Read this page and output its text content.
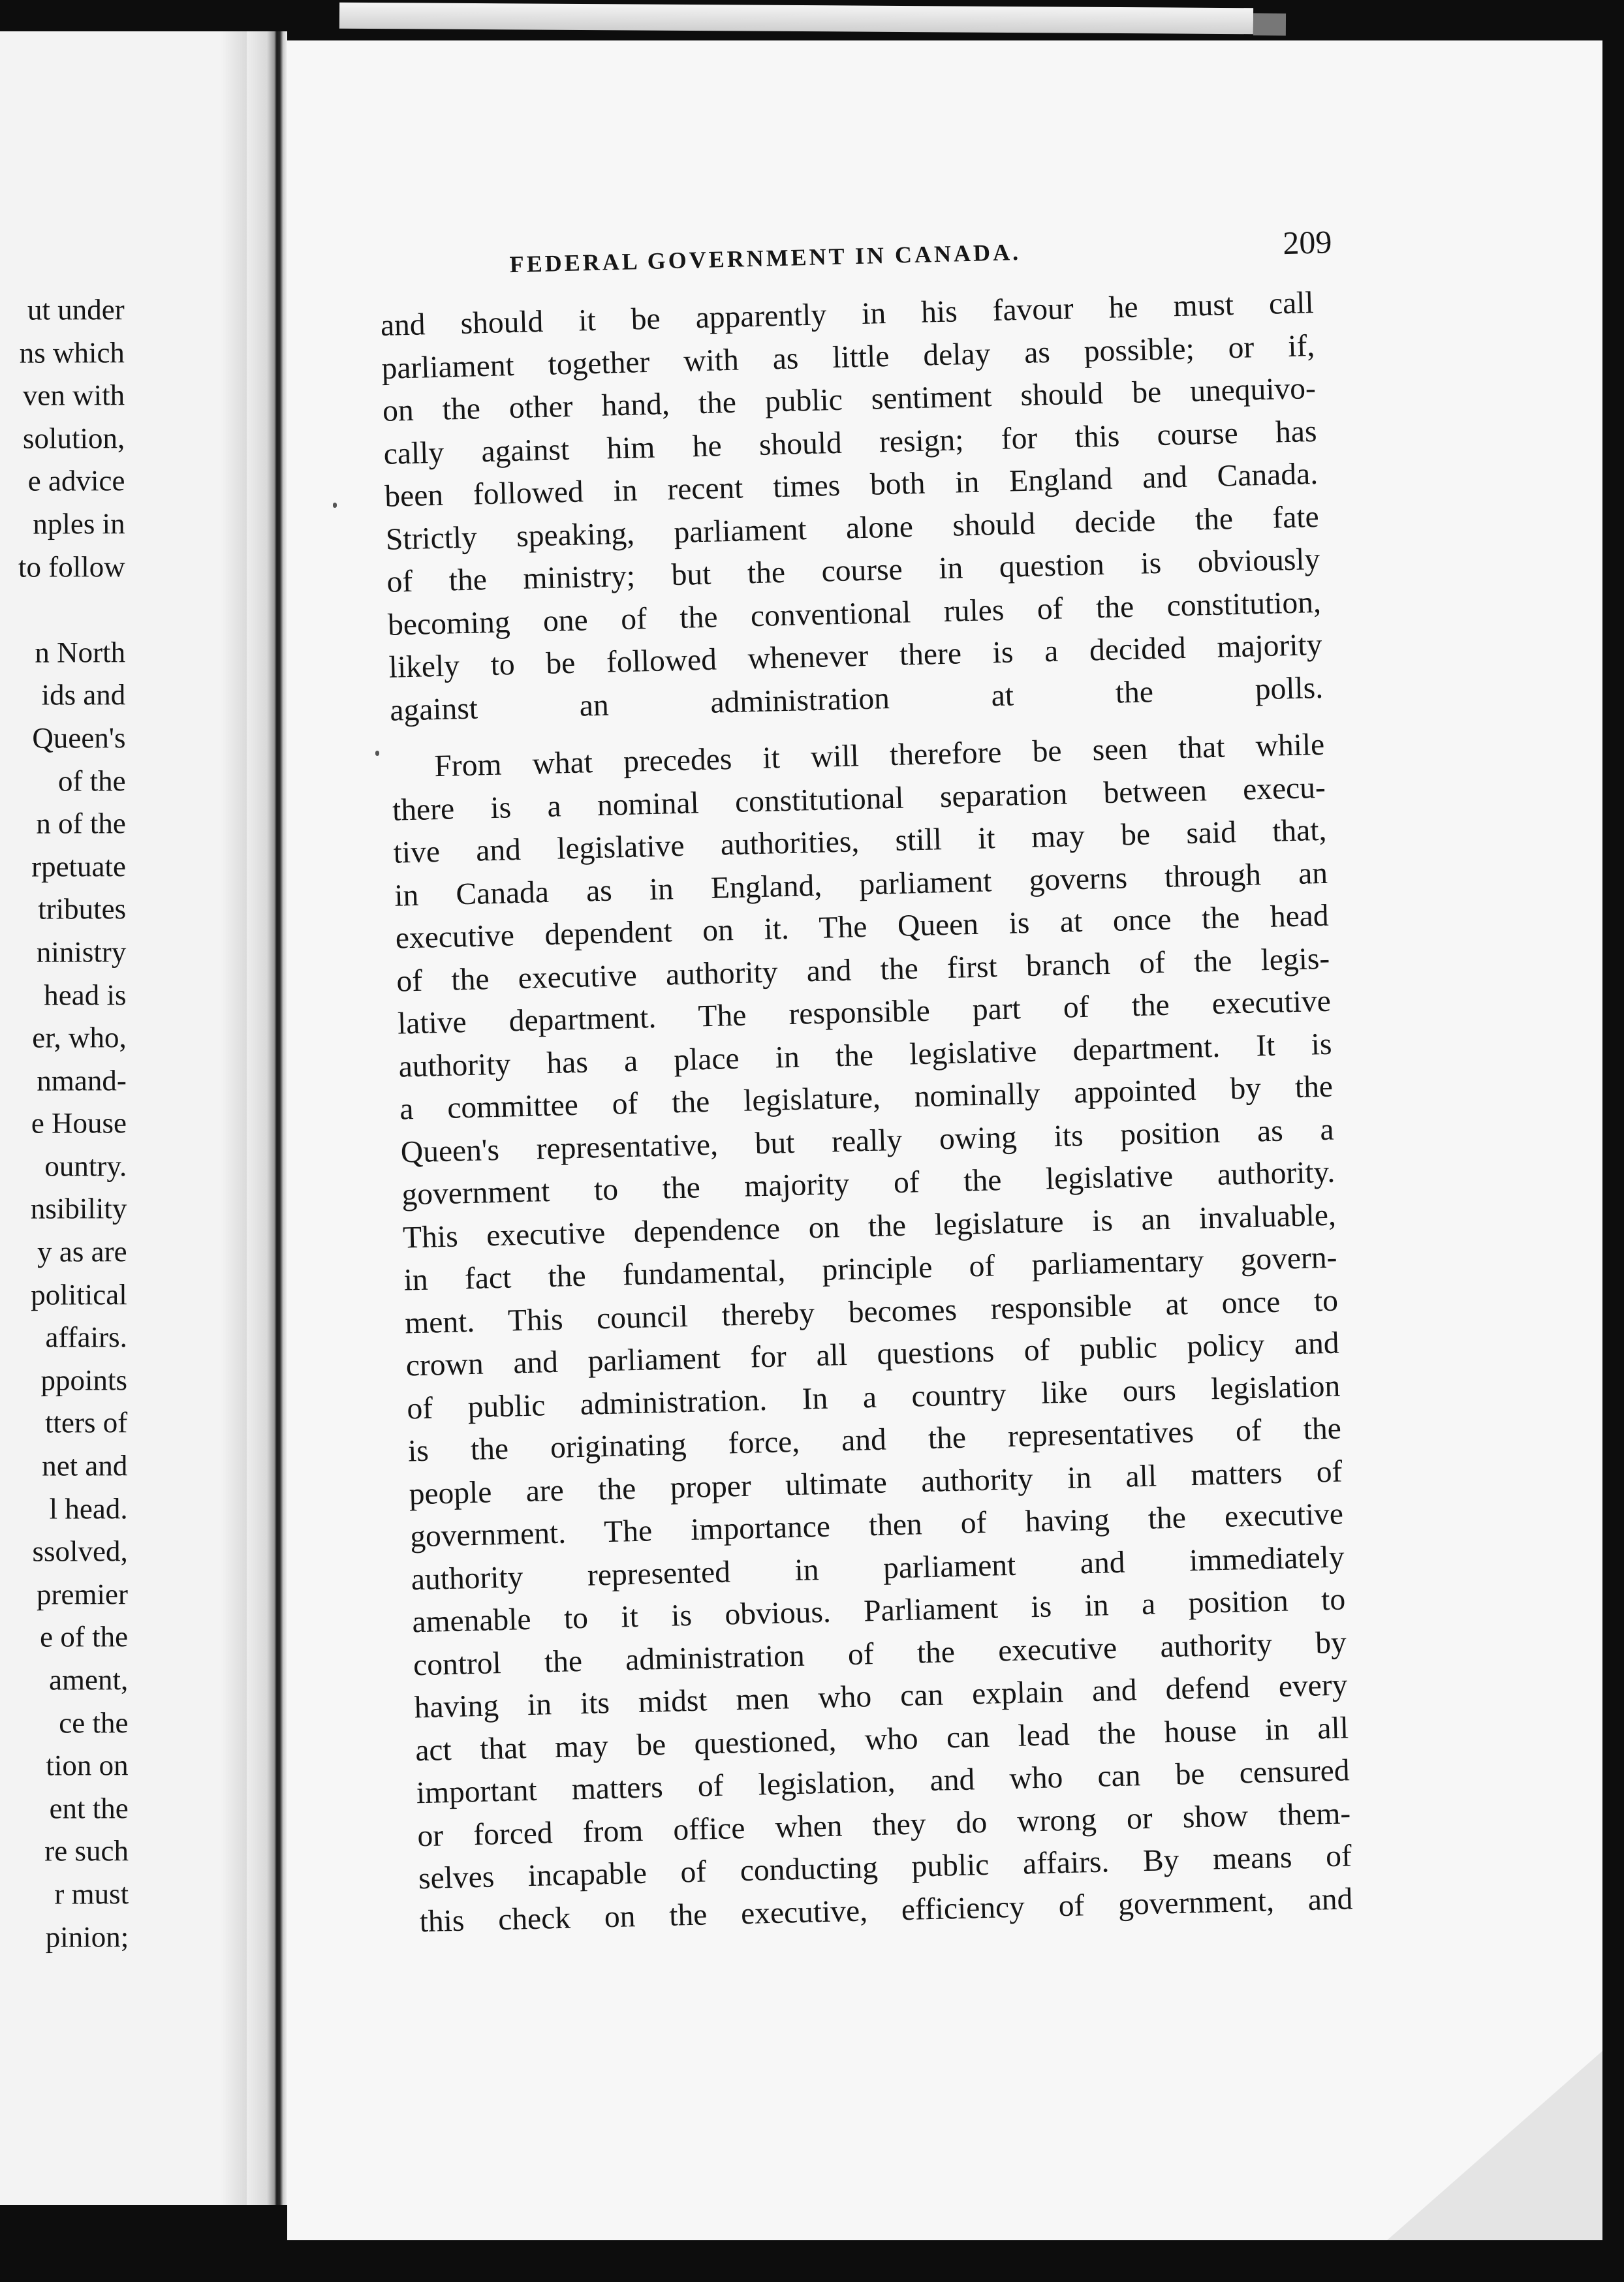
ut under
ns which
ven with
solution,
e advice
nples in
to follow

n North
ids and
Queen's
of the
n of the
rpetuate
tributes
ninistry
head is
er, who,
nmand-
e House
ountry.
nsibility
y as are
political
affairs.
ppoints
tters of
net and
l head.
ssolved,
premier
e of the
ament,
ce the
tion on
ent the
re such
r must
pinion;
FEDERAL GOVERNMENT IN CANADA.	209

and should it be apparently in his favour he must call
parliament together with as little delay as possible; or if,
on the other hand, the public sentiment should be unequivo-
cally against him he should resign; for this course has
been followed in recent times both in England and Canada.
Strictly speaking, parliament alone should decide the fate
of the ministry; but the course in question is obviously
becoming one of the conventional rules of the constitution,
likely to be followed whenever there is a decided majority
against an administration at the polls.

From what precedes it will therefore be seen that while
there is a nominal constitutional separation between execu-
tive and legislative authorities, still it may be said that,
in Canada as in England, parliament governs through an
executive dependent on it. The Queen is at once the head
of the executive authority and the first branch of the legis-
lative department. The responsible part of the executive
authority has a place in the legislative department. It is
a committee of the legislature, nominally appointed by the
Queen's representative, but really owing its position as a
government to the majority of the legislative authority.
This executive dependence on the legislature is an invaluable,
in fact the fundamental, principle of parliamentary govern-
ment. This council thereby becomes responsible at once to
crown and parliament for all questions of public policy and
of public administration. In a country like ours legislation
is the originating force, and the representatives of the
people are the proper ultimate authority in all matters of
government. The importance then of having the executive
authority represented in parliament and immediately
amenable to it is obvious. Parliament is in a position to
control the administration of the executive authority by
having in its midst men who can explain and defend every
act that may be questioned, who can lead the house in all
important matters of legislation, and who can be censured
or forced from office when they do wrong or show them-
selves incapable of conducting public affairs. By means of
this check on the executive, efficiency of government, and
